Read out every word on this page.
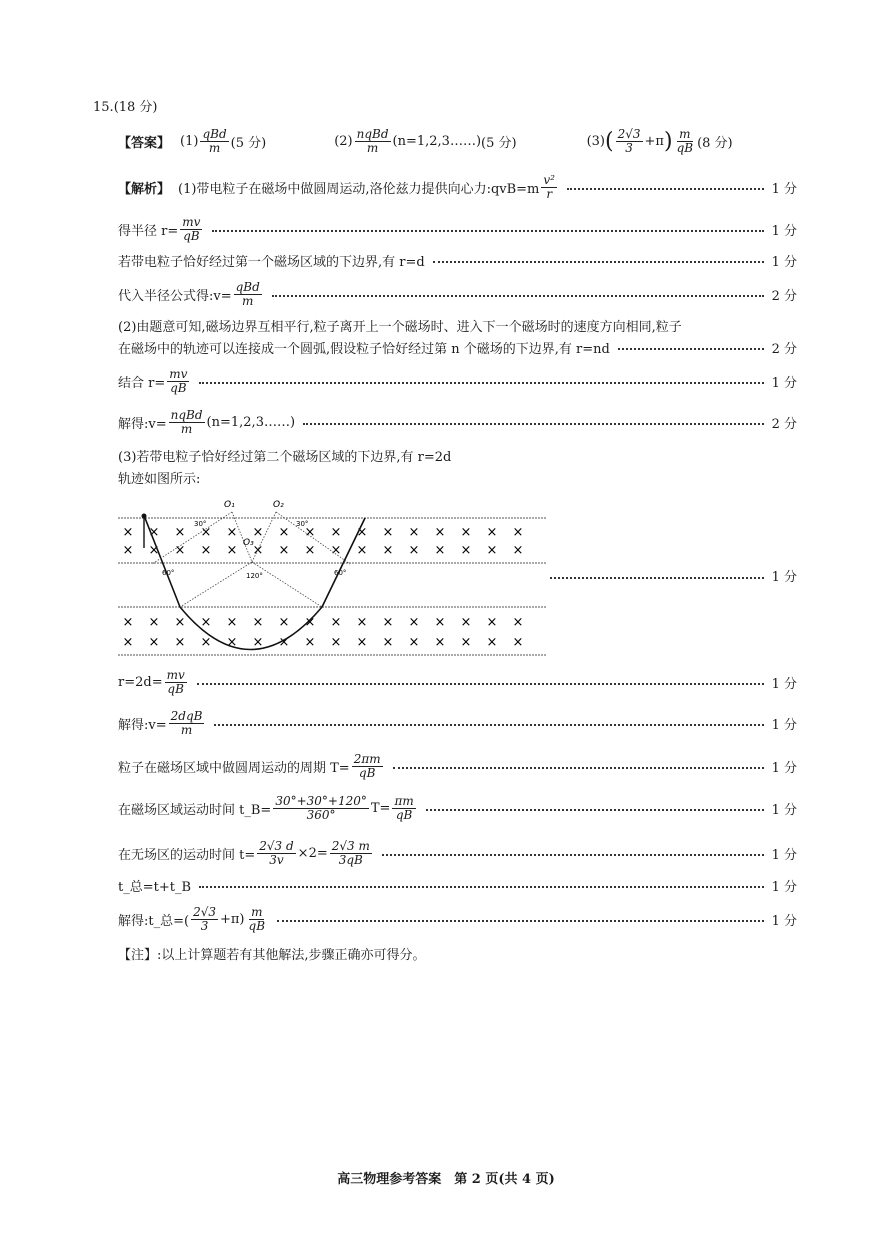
15.(18 分)
【答案】 $(1) \frac{\text{qBd}}{m} (5$ 分)	$(2) \frac{\text{nqBd}}{m}$ (n=1,2,3……) (5 分)	(3) ( $\frac{2√3}{3} +\pi$ ) $\frac{m}{qB} (8$ 分)
【解析】 (1)带电粒子在磁场中做圆周运动,洛伦兹力提供向心力:qvB=m $\frac{\text{v²}}{r}$	1 分
得半径 $r= \frac{mv}{qB}$	1 分
若带电粒子恰好经过第一个磁场区域的下边界,有 r=d	1 分
代入半径公式得:v= $\frac{\text{qBd}}{m}$	2 分
(2)由题意可知,磁场边界互相平行,粒子离开上一个磁场时、进入下一个磁场时的速度方向相同,粒子
在磁场中的轨迹可以连接成一个圆弧,假设粒子恰好经过第 n 个磁场的下边界,有 r=nd	2 分
结合 $r= \frac{mv}{qB}$	1 分
解得:v= $\frac{\text{nqBd}}{m}$ (n=1,2,3……)	2 分
(3)若带电粒子恰好经过第二个磁场区域的下边界,有 r=2d
轨迹如图所示:
× × × × × × × × × × × × × × × ×
× × × × × × × × × × × × × × × ×
× × × × × × × × × × × × × × × ×
× × × × × × × × × × × × × × × ×
O₁	O₂
O₃
30°	30°
60°	60°
120°	1 分
$r=2d= \frac{mv}{qB}$	1 分
解得:v= $\frac{\text{2dqB}}{m}$	1 分
粒子在磁场区域中做圆周运动的周期 $T= \frac{2\pi m}{qB}$	1 分
在磁场区域运动时间 t_B= $\frac{30^\circ+30^\circ+120^\circ}{360^\circ} T= \frac{\pi m}{qB}$	1 分
在无场区的运动时间 $t= \frac{2√3 d}{3v} \times 2= \frac{2√3 m}{3qB}$	1 分
t_总=t+t_B	1 分
解得:t_总=( $\frac{2√3}{3} +\pi) \frac{m}{qB}$	1 分
【注】:以上计算题若有其他解法,步骤正确亦可得分。
高三物理参考答案　第 2 页(共 4 页)
